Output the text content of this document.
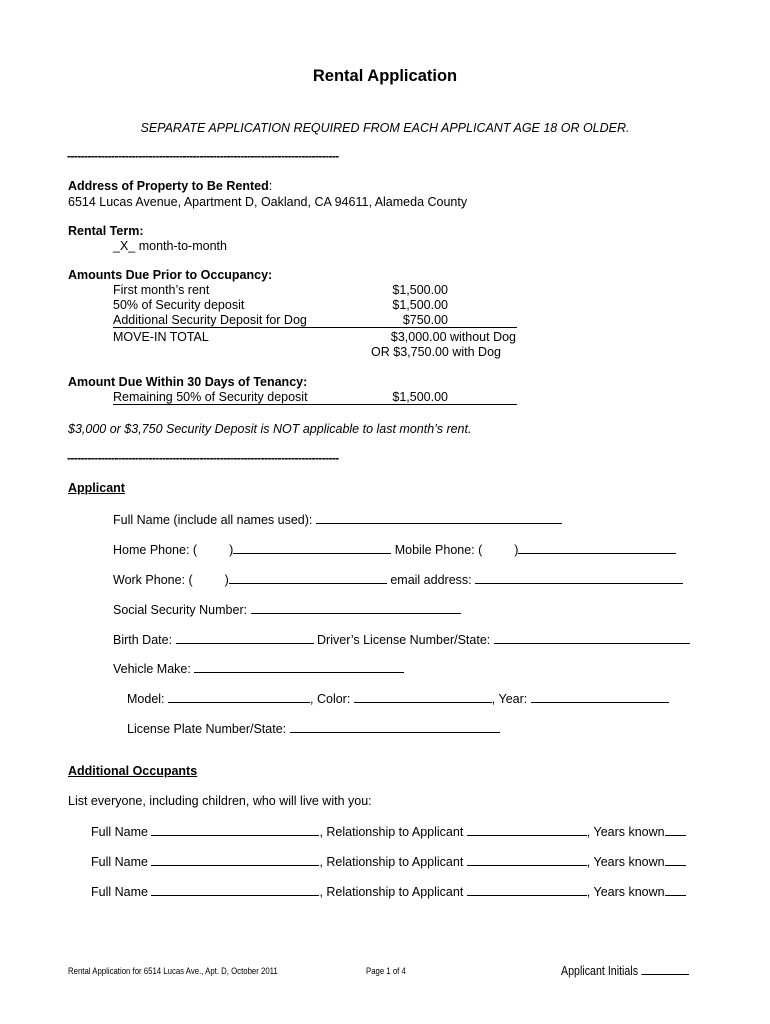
Rental Application
SEPARATE APPLICATION REQUIRED FROM EACH APPLICANT AGE 18 OR OLDER.
--------------------------------------------------------------------------------
Address of Property to Be Rented:
6514 Lucas Avenue, Apartment D, Oakland, CA 94611, Alameda County
Rental Term:
_X_ month-to-month
Amounts Due Prior to Occupancy:
First month’s rent	$1,500.00
50% of Security deposit	$1,500.00
Additional Security Deposit for Dog	$750.00
MOVE-IN TOTAL	$3,000.00 without Dog
OR $3,750.00 with Dog
Amount Due Within 30 Days of Tenancy:
Remaining 50% of Security deposit	$1,500.00
$3,000 or $3,750 Security Deposit is NOT applicable to last month’s rent.
--------------------------------------------------------------------------------
Applicant
Full Name (include all names used):
Home Phone: (	)	Mobile Phone: (	)
Work Phone: (	)	email address:
Social Security Number:
Birth Date:	Driver’s License Number/State:
Vehicle Make:
Model:	, Color:	, Year:
License Plate Number/State:
Additional Occupants
List everyone, including children, who will live with you:
Full Name	, Relationship to Applicant	, Years known
Full Name	, Relationship to Applicant	, Years known
Full Name	, Relationship to Applicant	, Years known
Rental Application for 6514 Lucas Ave., Apt. D, October 2011	Page 1 of 4	Applicant Initials
